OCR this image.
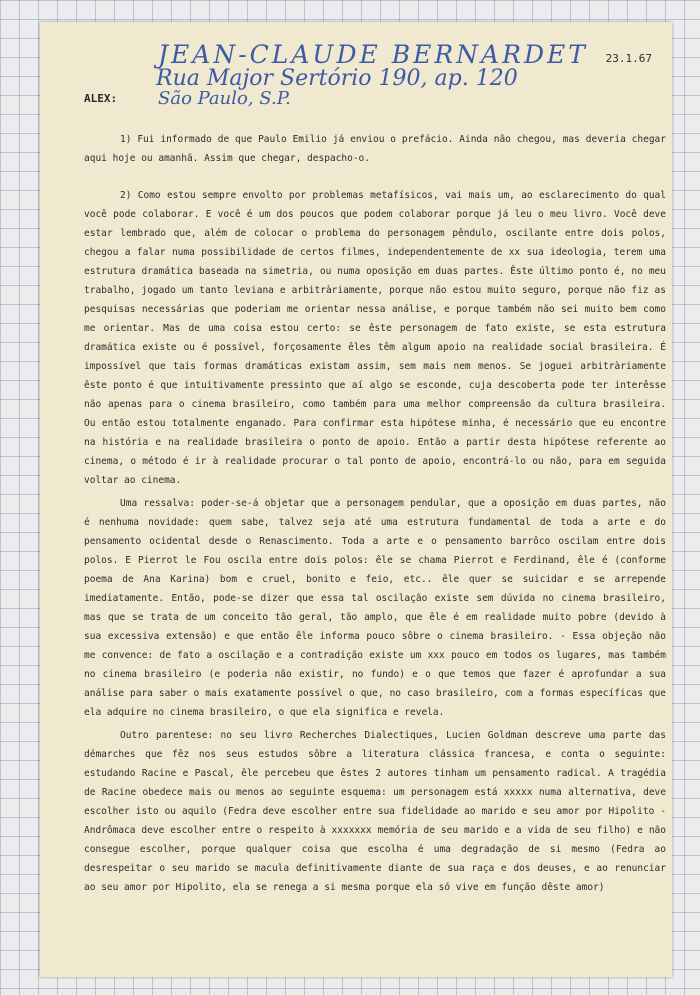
JEAN-CLAUDE BERNARDET
Rua Major Sertório 190, ap. 120
São Paulo, S.P.
23.1.67
ALEX:

1) Fui informado de que Paulo Emilio já enviou o prefácio. Ainda não chegou, mas deveria chegar aqui hoje ou amanhã. Assim que chegar, despacho-o.

2) Como estou sempre envolto por problemas metafísicos, vai mais um, ao esclarecimento do qual você pode colaborar. E você é um dos poucos que podem colaborar porque já leu o meu livro. Você deve estar lembrado que, além de colocar o problema do personagem pêndulo, oscilante entre dois polos, chegou a falar numa possibilidade de certos filmes, independentemente de xx sua ideologia, terem uma estrutura dramática baseada na simetria, ou numa oposição em duas partes. Êste último ponto é, no meu trabalho, jogado um tanto leviana e arbitràriamente, porque não estou muito seguro, porque não fiz as pesquisas necessárias que poderiam me orientar nessa análise, e porque também não sei muito bem como me orientar. Mas de uma coisa estou certo: se êste personagem de fato existe, se esta estrutura dramática existe ou é possível, forçosamente êles têm algum apoio na realidade social brasileira. É impossível que tais formas dramáticas existam assim, sem mais nem menos. Se joguei arbitràriamente êste ponto é que intuitivamente pressinto que aí algo se esconde, cuja descoberta pode ter interêsse não apenas para o cinema brasileiro, como também para uma melhor compreensão da cultura brasileira. Ou então estou totalmente enganado. Para confirmar esta hipótese minha, é necessário que eu encontre na história e na realidade brasileira o ponto de apoio. Então a partir desta hipótese referente ao cinema, o método é ir à realidade procurar o tal ponto de apoio, encontrá-lo ou não, para em seguida voltar ao cinema.

Uma ressalva: poder-se-á objetar que a personagem pendular, que a oposição em duas partes, não é nenhuma novidade: quem sabe, talvez seja até uma estrutura fundamental de toda a arte e do pensamento ocidental desde o Renascimento. Toda a arte e o pensamento barrôco oscilam entre dois polos. E Pierrot le Fou oscila entre dois polos: êle se chama Pierrot e Ferdinand, êle é (conforme poema de Ana Karina) bom e cruel, bonito e feio, etc.. êle quer se suicidar e se arrepende imediatamente. Então, pode-se dizer que essa tal oscilação existe sem dúvida no cinema brasileiro, mas que se trata de um conceito tão geral, tão amplo, que êle é em realidade muito pobre (devido à sua excessiva extensão) e que então êle informa pouco sôbre o cinema brasileiro. - Essa objeção não me convence: de fato a oscilação e a contradição existe um xxx pouco em todos os lugares, mas também no cinema brasileiro (e poderia não existir, no fundo) e o que temos que fazer é aprofundar a sua análise para saber o mais exatamente possível o que, no caso brasileiro, com a formas específicas que ela adquire no cinema brasileiro, o que ela significa e revela.

Outro parentese: no seu livro Recherches Dialectiques, Lucien Goldman descreve uma parte das démarches que fêz nos seus estudos sôbre a literatura clássica francesa, e conta o seguinte: estudando Racine e Pascal, êle percebeu que êstes 2 autores tinham um pensamento radical. A tragédia de Racine obedece mais ou menos ao seguinte esquema: um personagem está xxxxx numa alternativa, deve escolher isto ou aquilo (Fedra deve escolher entre sua fidelidade ao marido e seu amor por Hipolito - Andrômaca deve escolher entre o respeito à xxxxxxx memória de seu marido e a vida de seu filho) e não consegue escolher, porque qualquer coisa que escolha é uma degradação de si mesmo (Fedra ao desrespeitar o seu marido se macula definitivamente diante de sua raça e dos deuses, e ao renunciar ao seu amor por Hipolito, ela se renega a si mesma porque ela só vive em função dêste amor)
